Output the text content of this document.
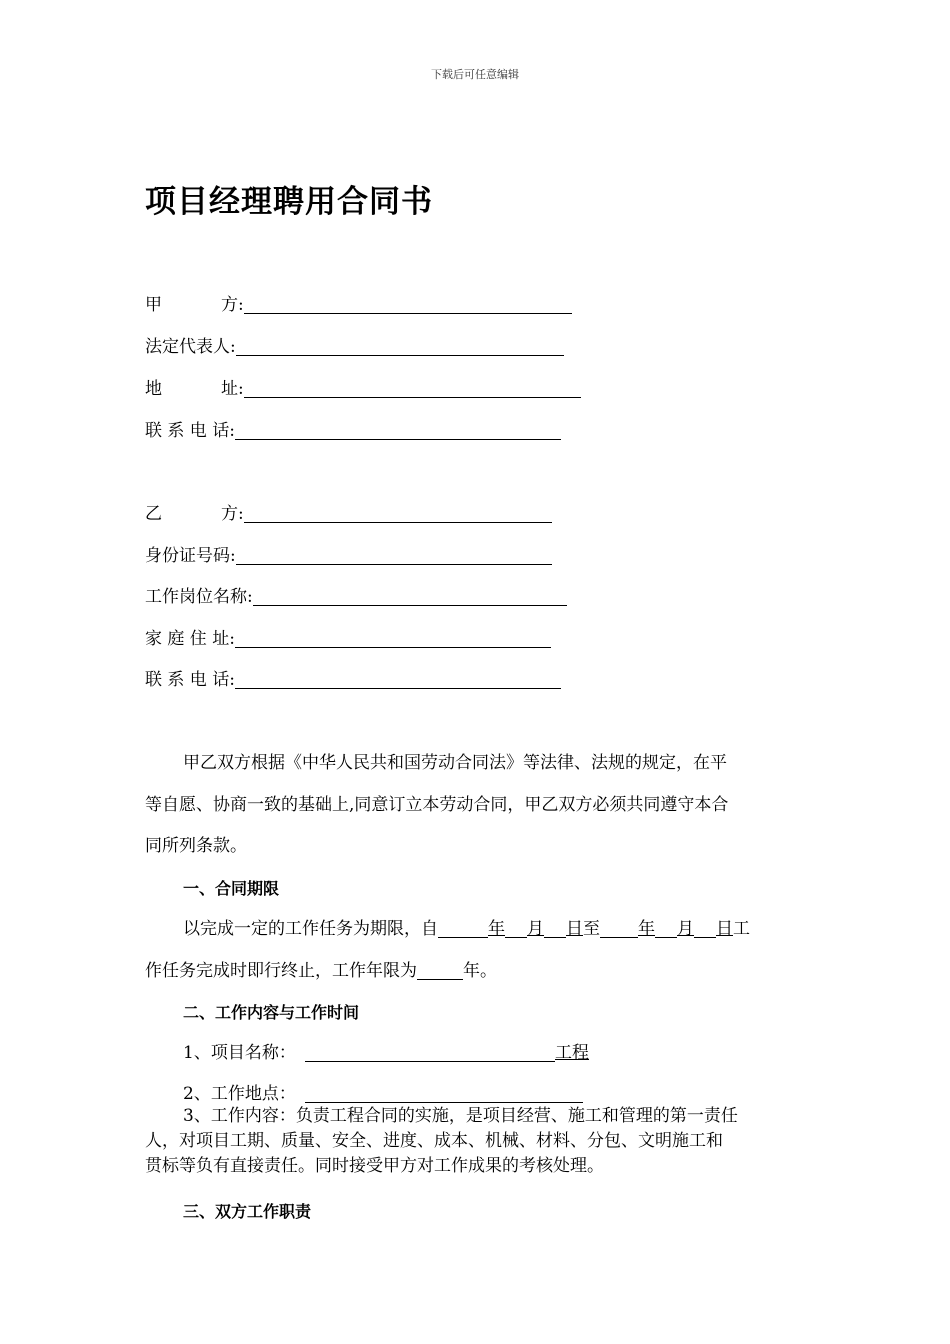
下载后可任意编辑
项目经理聘用合同书
甲	方:
法定代表人:
地	址:
联 系 电 话:
乙	方:
身份证号码:
工作岗位名称:
家 庭 住 址:
联 系 电 话:
甲乙双方根据《中华人民共和国劳动合同法》等法律、法规的规定，在平
等自愿、协商一致的基础上,同意订立本劳动合同，甲乙双方必须共同遵守本合
同所列条款。
一、合同期限
以完成一定的工作任务为期限，自	年 月 日至 年 月 日工
作任务完成时即行终止，工作年限为	年。
二、工作内容与工作时间
1、项目名称：	工程
2、工作地点：
3、工作内容：负责工程合同的实施，是项目经营、施工和管理的第一责任
人，对项目工期、质量、安全、进度、成本、机械、材料、分包、文明施工和
贯标等负有直接责任。同时接受甲方对工作成果的考核处理。
三、双方工作职责
